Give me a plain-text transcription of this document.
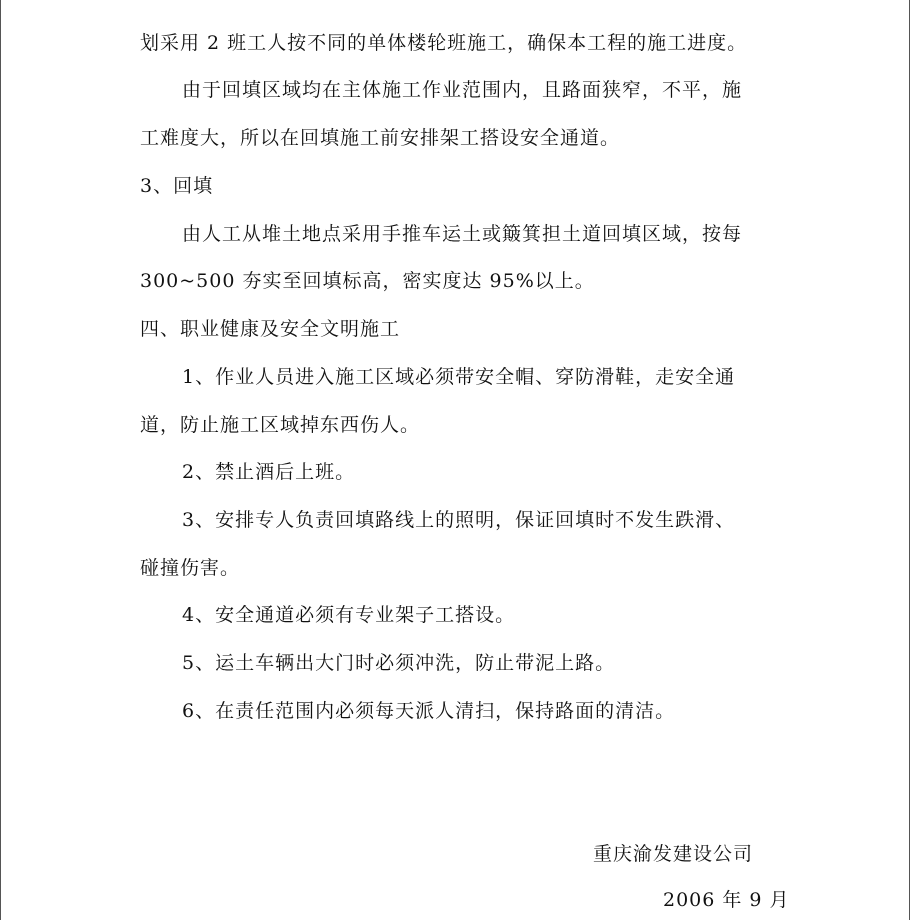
划采用 2 班工人按不同的单体楼轮班施工，确保本工程的施工进度。
由于回填区域均在主体施工作业范围内，且路面狭窄，不平，施
工难度大，所以在回填施工前安排架工搭设安全通道。
3、回填
由人工从堆土地点采用手推车运土或簸箕担土道回填区域，按每
300~500 夯实至回填标高，密实度达 95%以上。
四、职业健康及安全文明施工
1、作业人员进入施工区域必须带安全帽、穿防滑鞋，走安全通
道，防止施工区域掉东西伤人。
2、禁止酒后上班。
3、安排专人负责回填路线上的照明，保证回填时不发生跌滑、
碰撞伤害。
4、安全通道必须有专业架子工搭设。
5、运土车辆出大门时必须冲洗，防止带泥上路。
6、在责任范围内必须每天派人清扫，保持路面的清洁。
重庆渝发建设公司
2006 年 9 月
